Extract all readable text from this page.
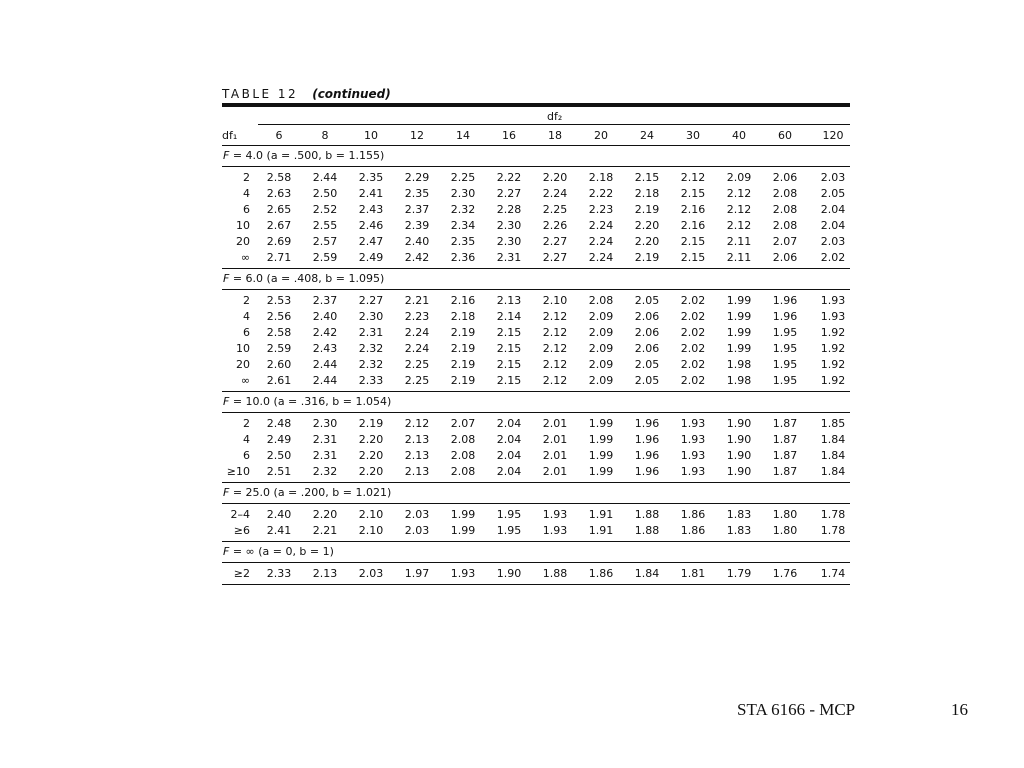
TABLE 12 (continued)
df₂
df₁	6	8	10	12	14	16	18	20	24	30	40	60	120
F = 4.0 (a = .500, b = 1.155)
2	2.58	2.44	2.35	2.29	2.25	2.22	2.20	2.18	2.15	2.12	2.09	2.06	2.03
4	2.63	2.50	2.41	2.35	2.30	2.27	2.24	2.22	2.18	2.15	2.12	2.08	2.05
6	2.65	2.52	2.43	2.37	2.32	2.28	2.25	2.23	2.19	2.16	2.12	2.08	2.04
10	2.67	2.55	2.46	2.39	2.34	2.30	2.26	2.24	2.20	2.16	2.12	2.08	2.04
20	2.69	2.57	2.47	2.40	2.35	2.30	2.27	2.24	2.20	2.15	2.11	2.07	2.03
∞	2.71	2.59	2.49	2.42	2.36	2.31	2.27	2.24	2.19	2.15	2.11	2.06	2.02
F = 6.0 (a = .408, b = 1.095)
2	2.53	2.37	2.27	2.21	2.16	2.13	2.10	2.08	2.05	2.02	1.99	1.96	1.93
4	2.56	2.40	2.30	2.23	2.18	2.14	2.12	2.09	2.06	2.02	1.99	1.96	1.93
6	2.58	2.42	2.31	2.24	2.19	2.15	2.12	2.09	2.06	2.02	1.99	1.95	1.92
10	2.59	2.43	2.32	2.24	2.19	2.15	2.12	2.09	2.06	2.02	1.99	1.95	1.92
20	2.60	2.44	2.32	2.25	2.19	2.15	2.12	2.09	2.05	2.02	1.98	1.95	1.92
∞	2.61	2.44	2.33	2.25	2.19	2.15	2.12	2.09	2.05	2.02	1.98	1.95	1.92
F = 10.0 (a = .316, b = 1.054)
2	2.48	2.30	2.19	2.12	2.07	2.04	2.01	1.99	1.96	1.93	1.90	1.87	1.85
4	2.49	2.31	2.20	2.13	2.08	2.04	2.01	1.99	1.96	1.93	1.90	1.87	1.84
6	2.50	2.31	2.20	2.13	2.08	2.04	2.01	1.99	1.96	1.93	1.90	1.87	1.84
≥10	2.51	2.32	2.20	2.13	2.08	2.04	2.01	1.99	1.96	1.93	1.90	1.87	1.84
F = 25.0 (a = .200, b = 1.021)
2–4	2.40	2.20	2.10	2.03	1.99	1.95	1.93	1.91	1.88	1.86	1.83	1.80	1.78
≥6	2.41	2.21	2.10	2.03	1.99	1.95	1.93	1.91	1.88	1.86	1.83	1.80	1.78
F = ∞ (a = 0, b = 1)
≥2	2.33	2.13	2.03	1.97	1.93	1.90	1.88	1.86	1.84	1.81	1.79	1.76	1.74
STA 6166 - MCP	16
